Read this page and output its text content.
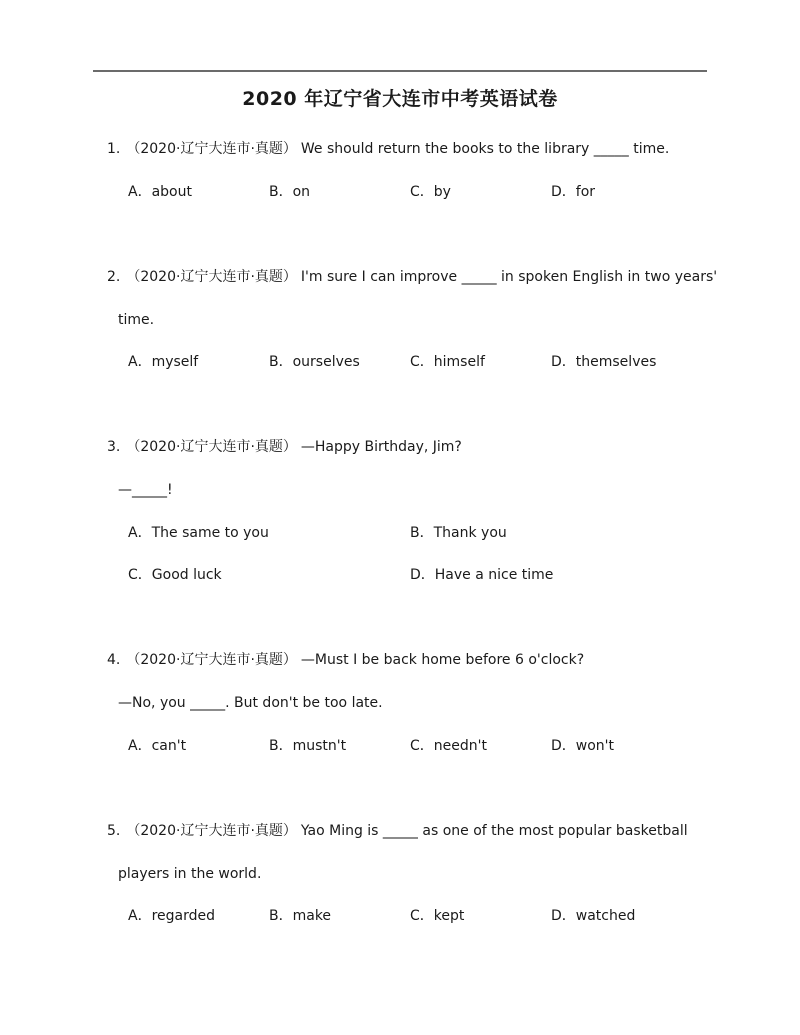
2020 年辽宁省大连市中考英语试卷
1. （2020·辽宁大连市·真题） We should return the books to the library _____ time.
A．about	B．on	C．by	D．for
2. （2020·辽宁大连市·真题） I'm sure I can improve _____ in spoken English in two years'
time.
A．myself	B．ourselves	C．himself	D．themselves
3. （2020·辽宁大连市·真题） —Happy Birthday, Jim?
—_____!
A．The same to you	B．Thank you
C．Good luck	D．Have a nice time
4. （2020·辽宁大连市·真题） —Must I be back home before 6 o'clock?
—No, you _____. But don't be too late.
A．can't	B．mustn't	C．needn't	D．won't
5. （2020·辽宁大连市·真题） Yao Ming is _____ as one of the most popular basketball
players in the world.
A．regarded	B．make	C．kept	D．watched
